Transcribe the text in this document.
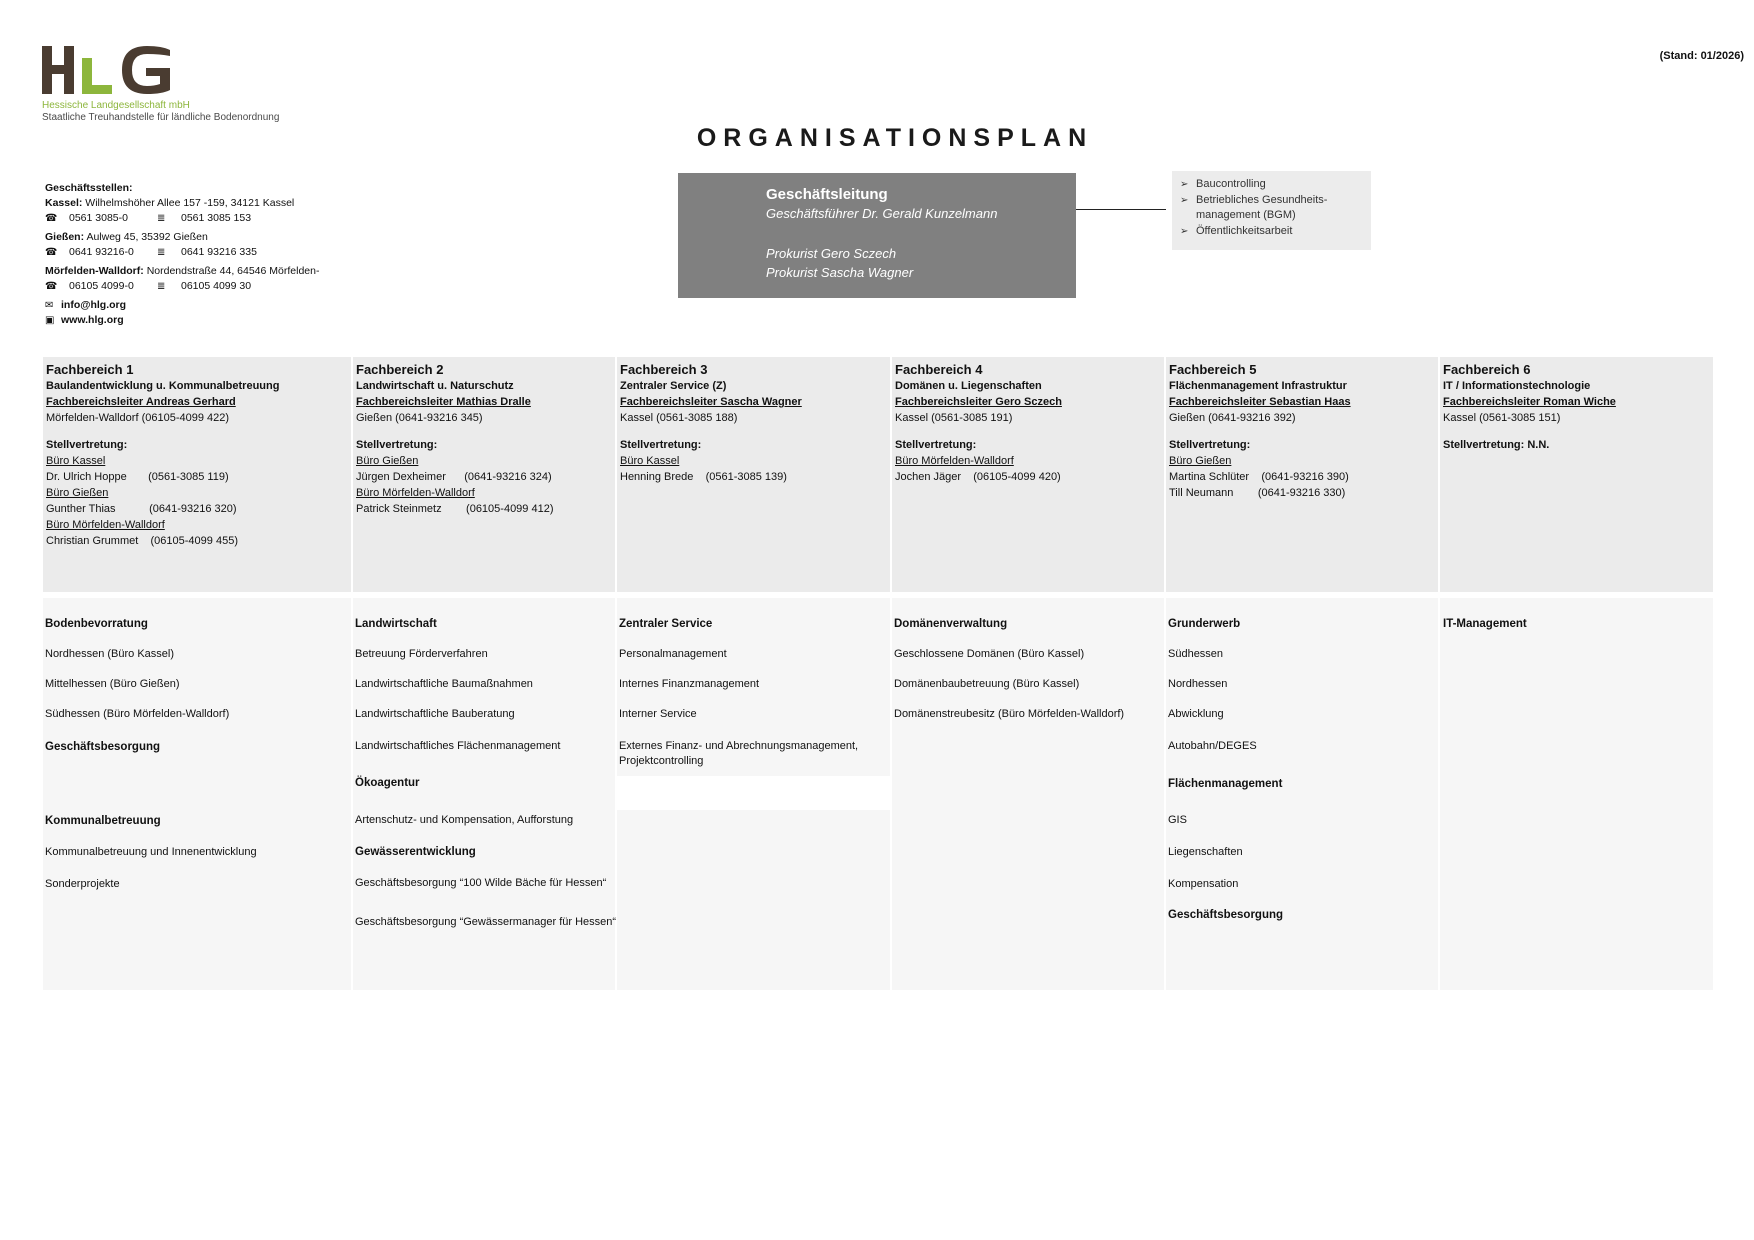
Hessische Landgesellschaft mbH
Staatliche Treuhandstelle für ländliche Bodenordnung
(Stand: 01/2026)
ORGANISATIONSPLAN
Geschäftsstellen:
Kassel: Wilhelmshöher Allee 157 -159, 34121 Kassel
☎	0561 3085-0	≣	0561 3085 153
Gießen: Aulweg 45, 35392 Gießen
☎	0641 93216-0	≣	0641 93216 335
Mörfelden-Walldorf: Nordendstraße 44, 64546 Mörfelden-
☎	06105 4099-0	≣	06105 4099 30
✉ info@hlg.org
▣ www.hlg.org
Geschäftsleitung
Geschäftsführer Dr. Gerald Kunzelmann
Prokurist Gero Sczech
Prokurist Sascha Wagner
➢ Baucontrolling
➢ Betriebliches Gesundheits-
management (BGM)
➢ Öffentlichkeitsarbeit
Fachbereich 1
Baulandentwicklung u. Kommunalbetreuung
Fachbereichsleiter Andreas Gerhard
Mörfelden-Walldorf (06105-4099 422)
Stellvertretung:
Büro Kassel
Dr. Ulrich Hoppe       (0561-3085 119)
Büro Gießen
Gunther Thias           (0641-93216 320)
Büro Mörfelden-Walldorf
Christian Grummet    (06105-4099 455)
Fachbereich 2
Landwirtschaft u. Naturschutz
Fachbereichsleiter Mathias Dralle
Gießen (0641-93216 345)
Stellvertretung:
Büro Gießen
Jürgen Dexheimer      (0641-93216 324)
Büro Mörfelden-Walldorf
Patrick Steinmetz        (06105-4099 412)
Fachbereich 3
Zentraler Service (Z)
Fachbereichsleiter Sascha Wagner
Kassel (0561-3085 188)
Stellvertretung:
Büro Kassel
Henning Brede    (0561-3085 139)
Fachbereich 4
Domänen u. Liegenschaften
Fachbereichsleiter Gero Sczech
Kassel (0561-3085 191)
Stellvertretung:
Büro Mörfelden-Walldorf
Jochen Jäger    (06105-4099 420)
Fachbereich 5
Flächenmanagement Infrastruktur
Fachbereichsleiter Sebastian Haas
Gießen (0641-93216 392)
Stellvertretung:
Büro Gießen
Martina Schlüter    (0641-93216 390)
Till Neumann        (0641-93216 330)
Fachbereich 6
IT / Informationstechnologie
Fachbereichsleiter Roman Wiche
Kassel (0561-3085 151)
Stellvertretung: N.N.
Bodenbevorratung
Nordhessen (Büro Kassel)
Mittelhessen (Büro Gießen)
Südhessen (Büro Mörfelden-Walldorf)
Geschäftsbesorgung
Kommunalbetreuung
Kommunalbetreuung und Innenentwicklung
Sonderprojekte
Landwirtschaft
Betreuung Förderverfahren
Landwirtschaftliche Baumaßnahmen
Landwirtschaftliche Bauberatung
Landwirtschaftliches Flächenmanagement
Ökoagentur
Artenschutz- und Kompensation, Aufforstung
Gewässerentwicklung
Geschäftsbesorgung “100 Wilde Bäche für Hessen“
Geschäftsbesorgung “Gewässermanager für Hessen“
Zentraler Service
Personalmanagement
Internes Finanzmanagement
Interner Service
Externes Finanz- und Abrechnungsmanagement,
Projektcontrolling
Domänenverwaltung
Geschlossene Domänen (Büro Kassel)
Domänenbaubetreuung (Büro Kassel)
Domänenstreubesitz (Büro Mörfelden-Walldorf)
Grunderwerb
Südhessen
Nordhessen
Abwicklung
Autobahn/DEGES
Flächenmanagement
GIS
Liegenschaften
Kompensation
Geschäftsbesorgung
IT-Management
